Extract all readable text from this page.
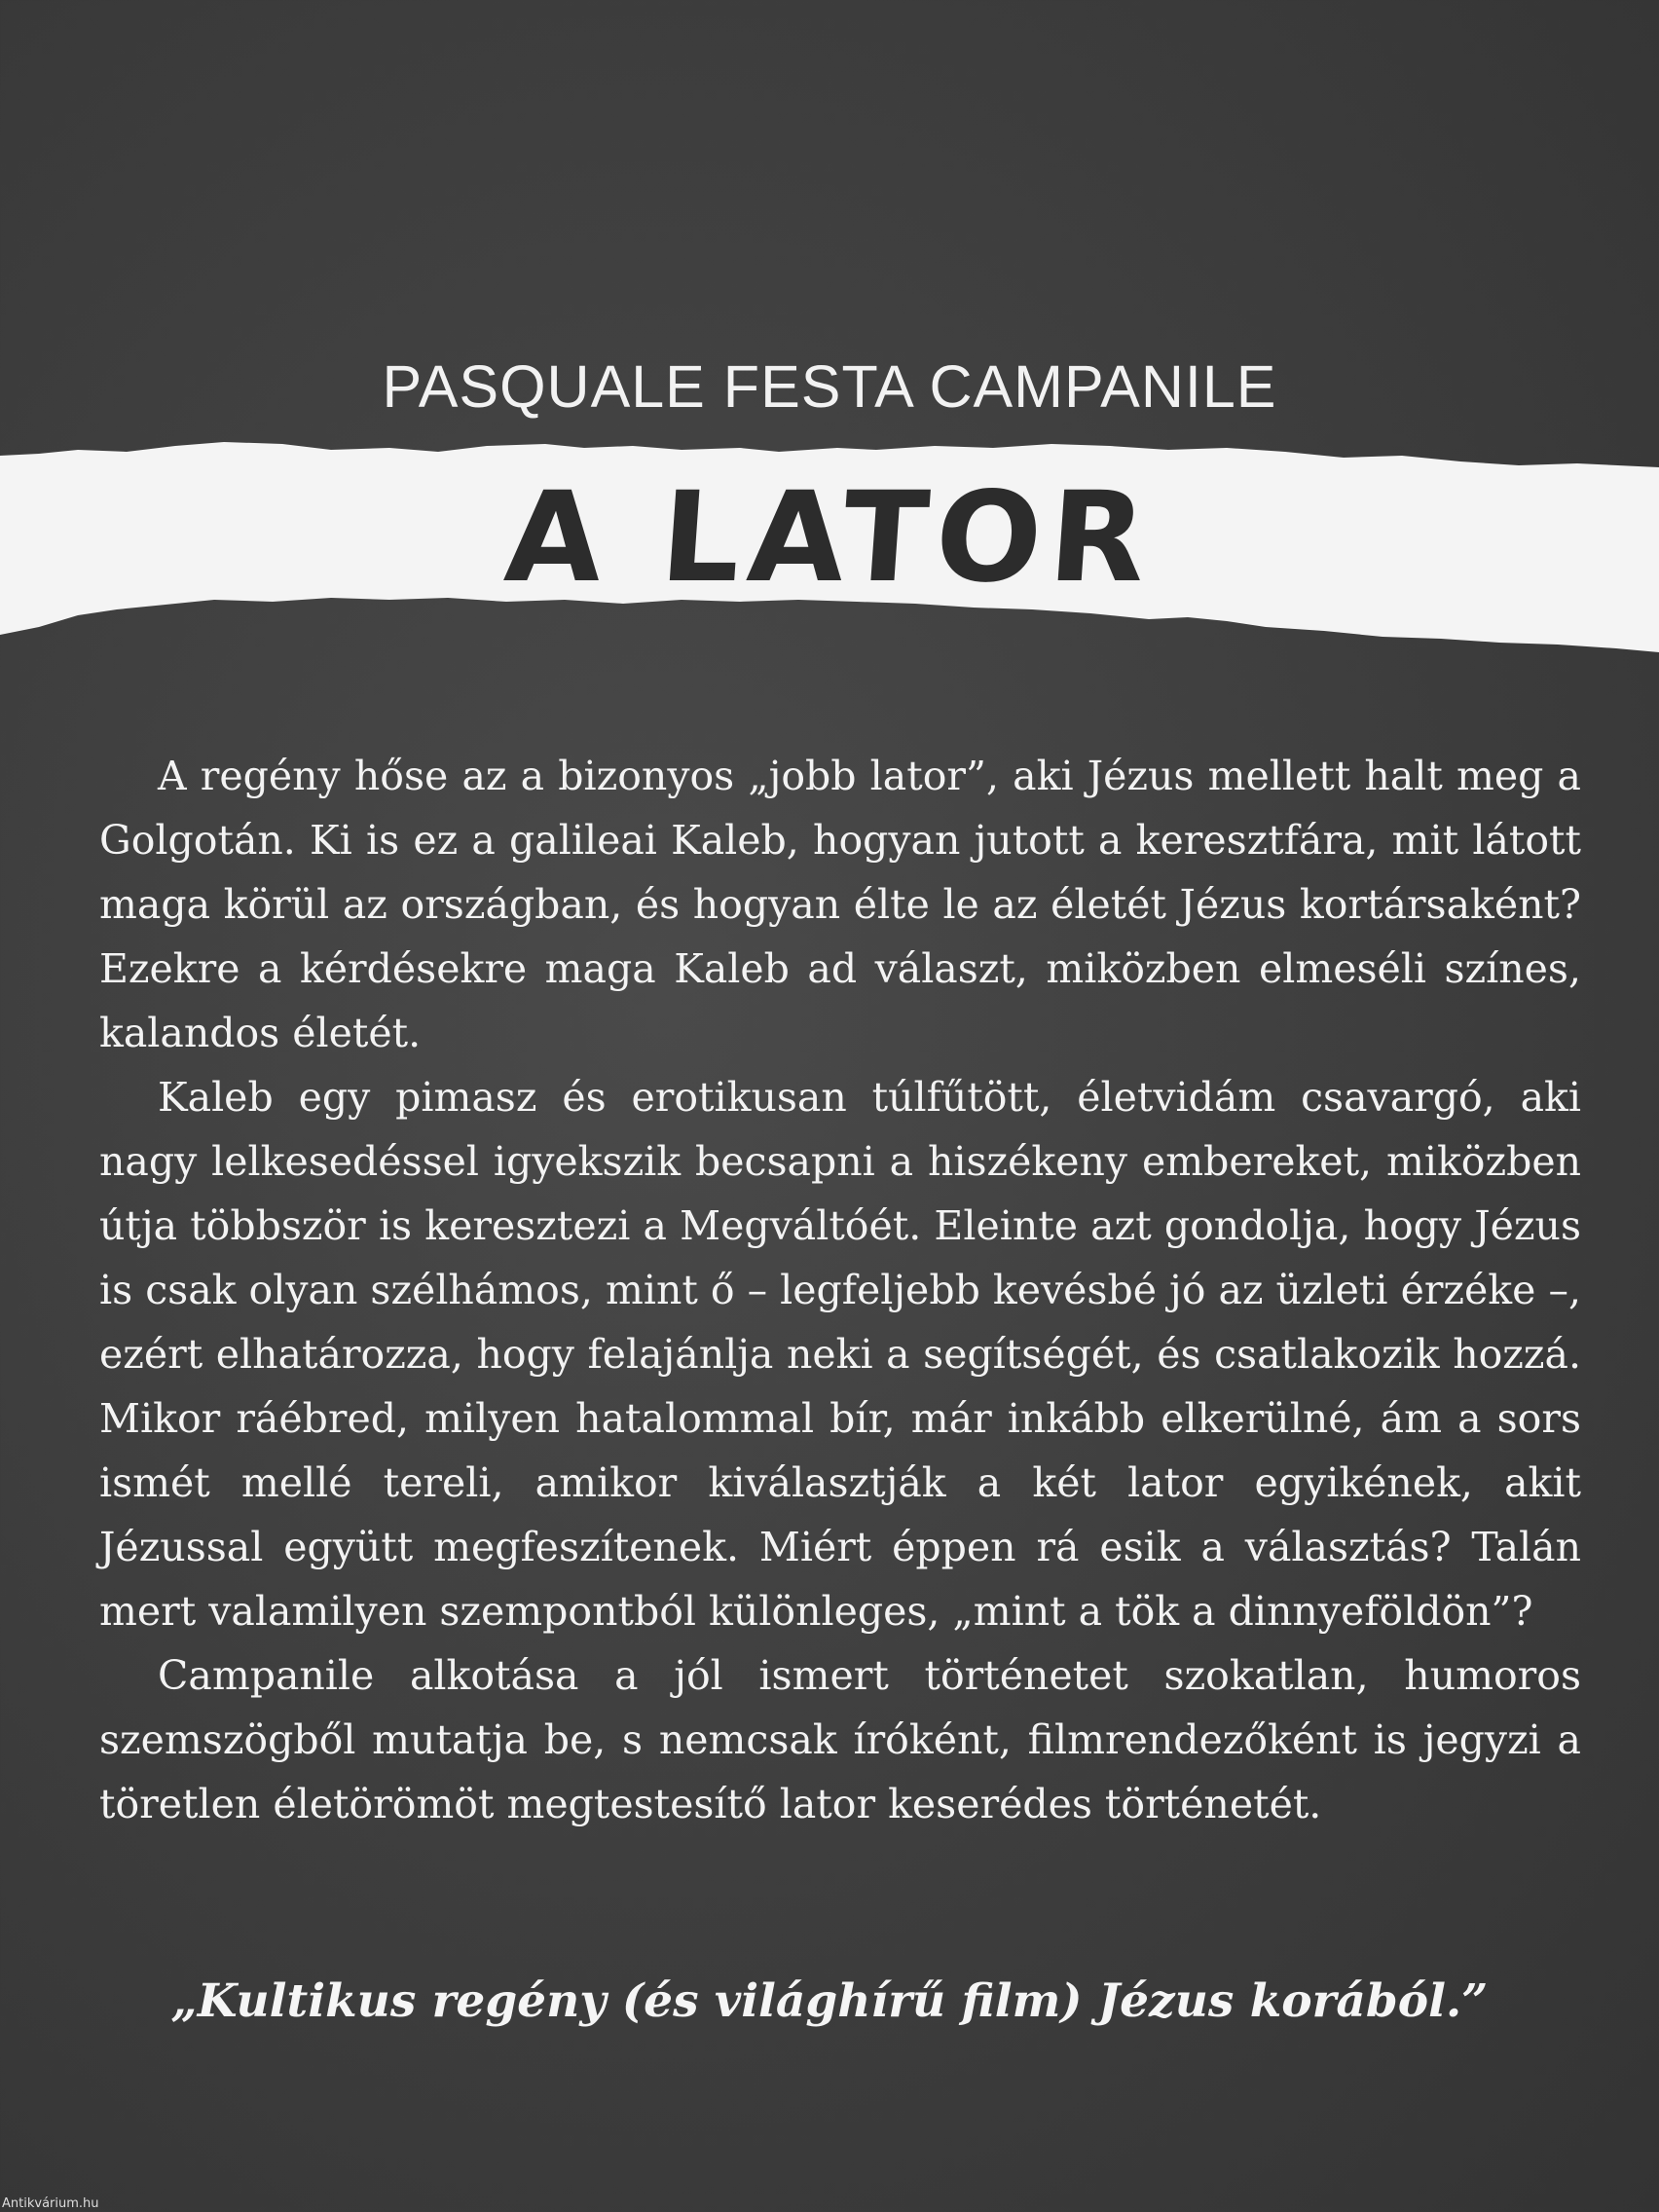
PASQUALE FESTA CAMPANILE
A LATOR

A regény hőse az a bizonyos „jobb lator”, aki Jézus mellett halt meg a Golgotán. Ki is ez a galileai Kaleb, hogyan jutott a keresztfára, mit látott maga körül az országban, és hogyan élte le az életét Jézus kortársaként? Ezekre a kérdésekre maga Kaleb ad választ, miközben elmeséli színes, kalandos életét.

Kaleb egy pimasz és erotikusan túlfűtött, életvidám csavargó, aki nagy lelkesedéssel igyekszik becsapni a hiszékeny embereket, miközben útja többször is keresztezi a Megváltóét. Eleinte azt gondolja, hogy Jézus is csak olyan szélhámos, mint ő – legfeljebb kevésbé jó az üzleti érzéke –, ezért elhatározza, hogy felajánlja neki a segítségét, és csatlakozik hozzá. Mikor ráébred, milyen hatalommal bír, már inkább elkerülné, ám a sors ismét mellé tereli, amikor kiválasztják a két lator egyikének, akit Jézussal együtt megfeszítenek. Miért éppen rá esik a választás? Talán mert valamilyen szempontból különleges, „mint a tök a dinnyeföldön”?

Campanile alkotása a jól ismert történetet szokatlan, humoros szemszögből mutatja be, s nemcsak íróként, filmrendezőként is jegyzi a töretlen életörömöt megtestesítő lator keserédes történetét.

„Kultikus regény (és világhírű film) Jézus korából.”
Antikvárium.hu
